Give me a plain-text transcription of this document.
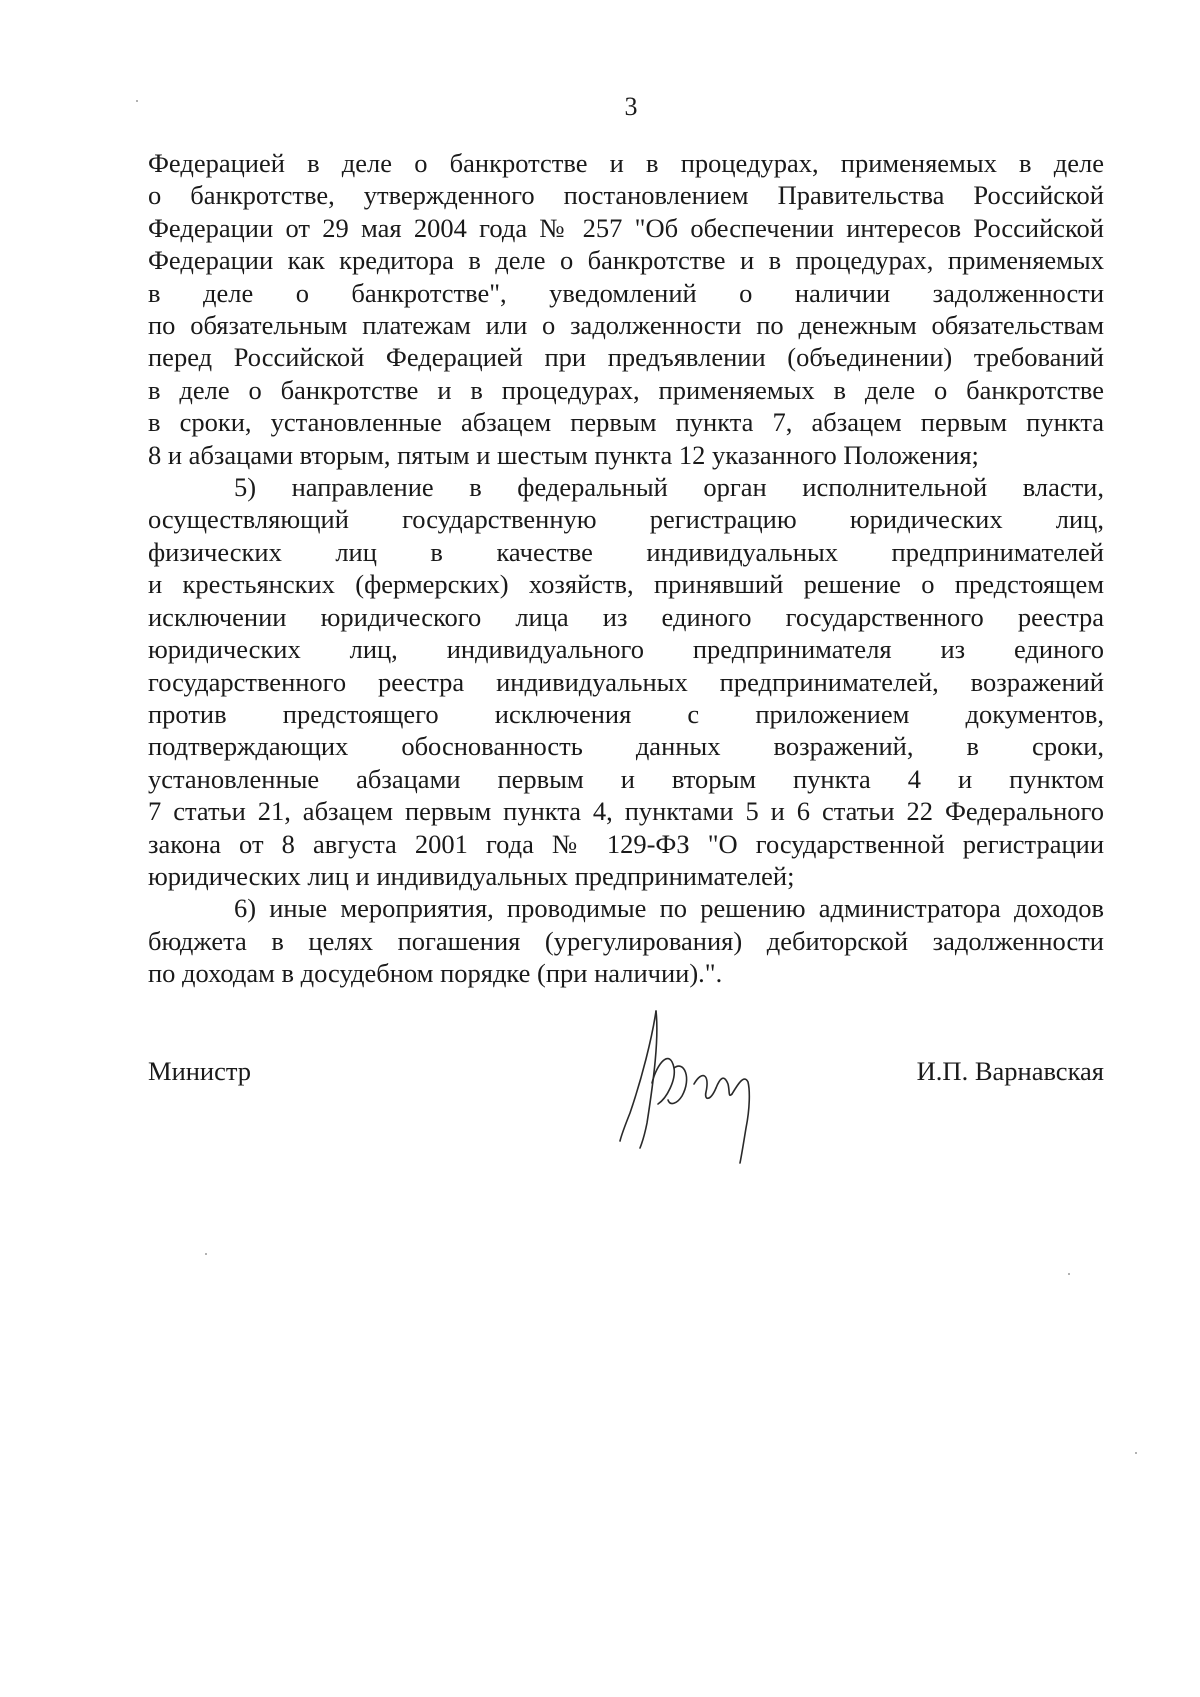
3
Федерацией в деле о банкротстве и в процедурах, применяемых в деле
о банкротстве, утвержденного постановлением Правительства Российской
Федерации от 29 мая 2004 года № 257 "Об обеспечении интересов Российской
Федерации как кредитора в деле о банкротстве и в процедурах, применяемых
в деле о банкротстве", уведомлений о наличии задолженности
по обязательным платежам или о задолженности по денежным обязательствам
перед Российской Федерацией при предъявлении (объединении) требований
в деле о банкротстве и в процедурах, применяемых в деле о банкротстве
в сроки, установленные абзацем первым пункта 7, абзацем первым пункта
8 и абзацами вторым, пятым и шестым пункта 12 указанного Положения;
5) направление в федеральный орган исполнительной власти,
осуществляющий государственную регистрацию юридических лиц,
физических лиц в качестве индивидуальных предпринимателей
и крестьянских (фермерских) хозяйств, принявший решение о предстоящем
исключении юридического лица из единого государственного реестра
юридических лиц, индивидуального предпринимателя из единого
государственного реестра индивидуальных предпринимателей, возражений
против предстоящего исключения с приложением документов,
подтверждающих обоснованность данных возражений, в сроки,
установленные абзацами первым и вторым пункта 4 и пунктом
7 статьи 21, абзацем первым пункта 4, пунктами 5 и 6 статьи 22 Федерального
закона от 8 августа 2001 года № 129-ФЗ "О государственной регистрации
юридических лиц и индивидуальных предпринимателей;
6) иные мероприятия, проводимые по решению администратора доходов
бюджета в целях погашения (урегулирования) дебиторской задолженности
по доходам в досудебном порядке (при наличии).".
Министр	И.П. Варнавская
